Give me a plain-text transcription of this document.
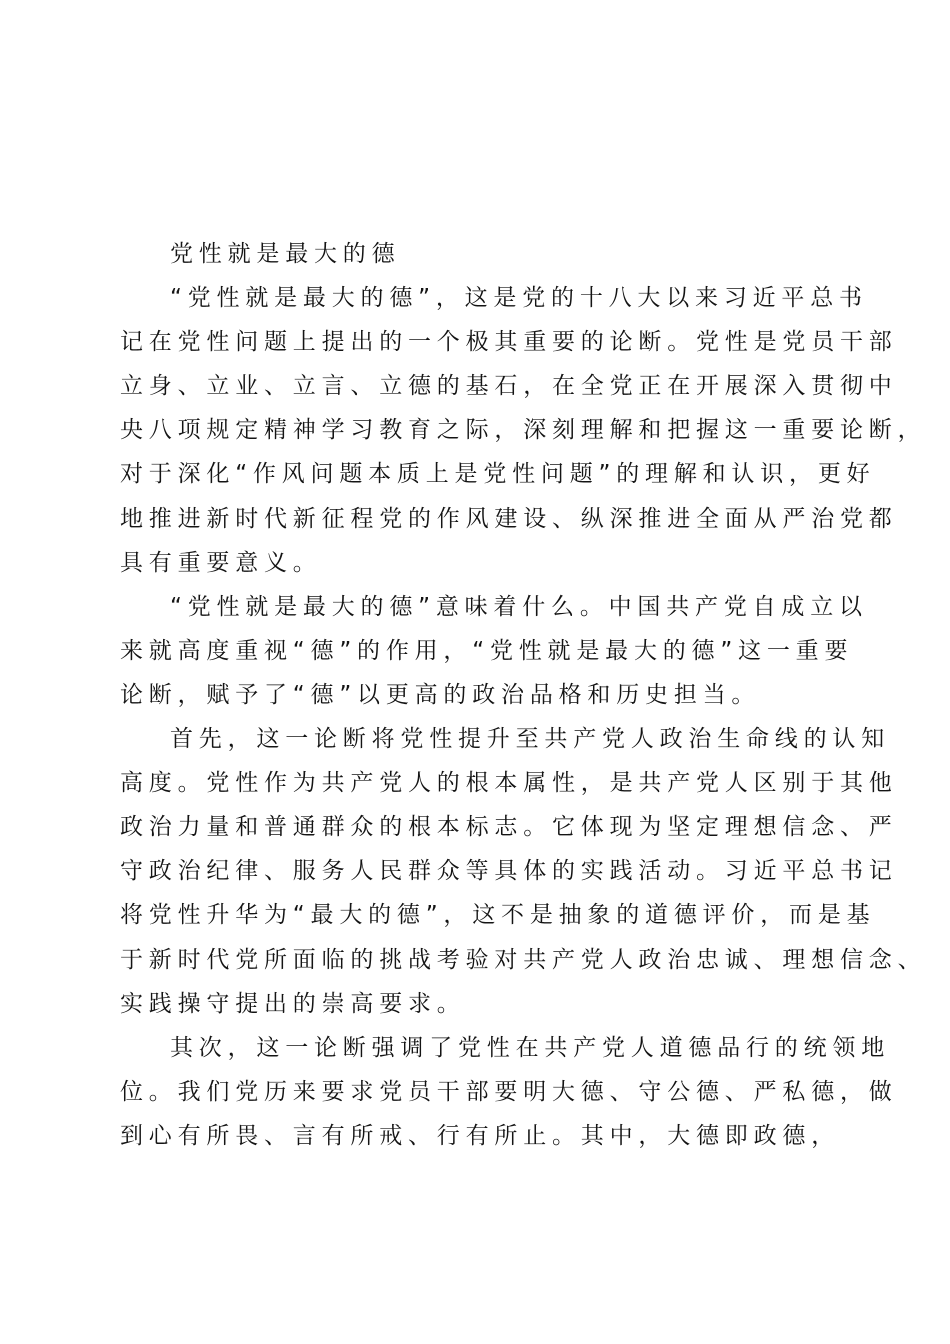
党性就是最大的德
“党性就是最大的德”，这是党的十八大以来习近平总书
记在党性问题上提出的一个极其重要的论断。党性是党员干部
立身、立业、立言、立德的基石，在全党正在开展深入贯彻中
央八项规定精神学习教育之际，深刻理解和把握这一重要论断，
对于深化“作风问题本质上是党性问题”的理解和认识，更好
地推进新时代新征程党的作风建设、纵深推进全面从严治党都
具有重要意义。
“党性就是最大的德”意味着什么。中国共产党自成立以
来就高度重视“德”的作用，“党性就是最大的德”这一重要
论断，赋予了“德”以更高的政治品格和历史担当。
首先，这一论断将党性提升至共产党人政治生命线的认知
高度。党性作为共产党人的根本属性，是共产党人区别于其他
政治力量和普通群众的根本标志。它体现为坚定理想信念、严
守政治纪律、服务人民群众等具体的实践活动。习近平总书记
将党性升华为“最大的德”，这不是抽象的道德评价，而是基
于新时代党所面临的挑战考验对共产党人政治忠诚、理想信念、
实践操守提出的崇高要求。
其次，这一论断强调了党性在共产党人道德品行的统领地
位。我们党历来要求党员干部要明大德、守公德、严私德，做
到心有所畏、言有所戒、行有所止。其中，大德即政德，
